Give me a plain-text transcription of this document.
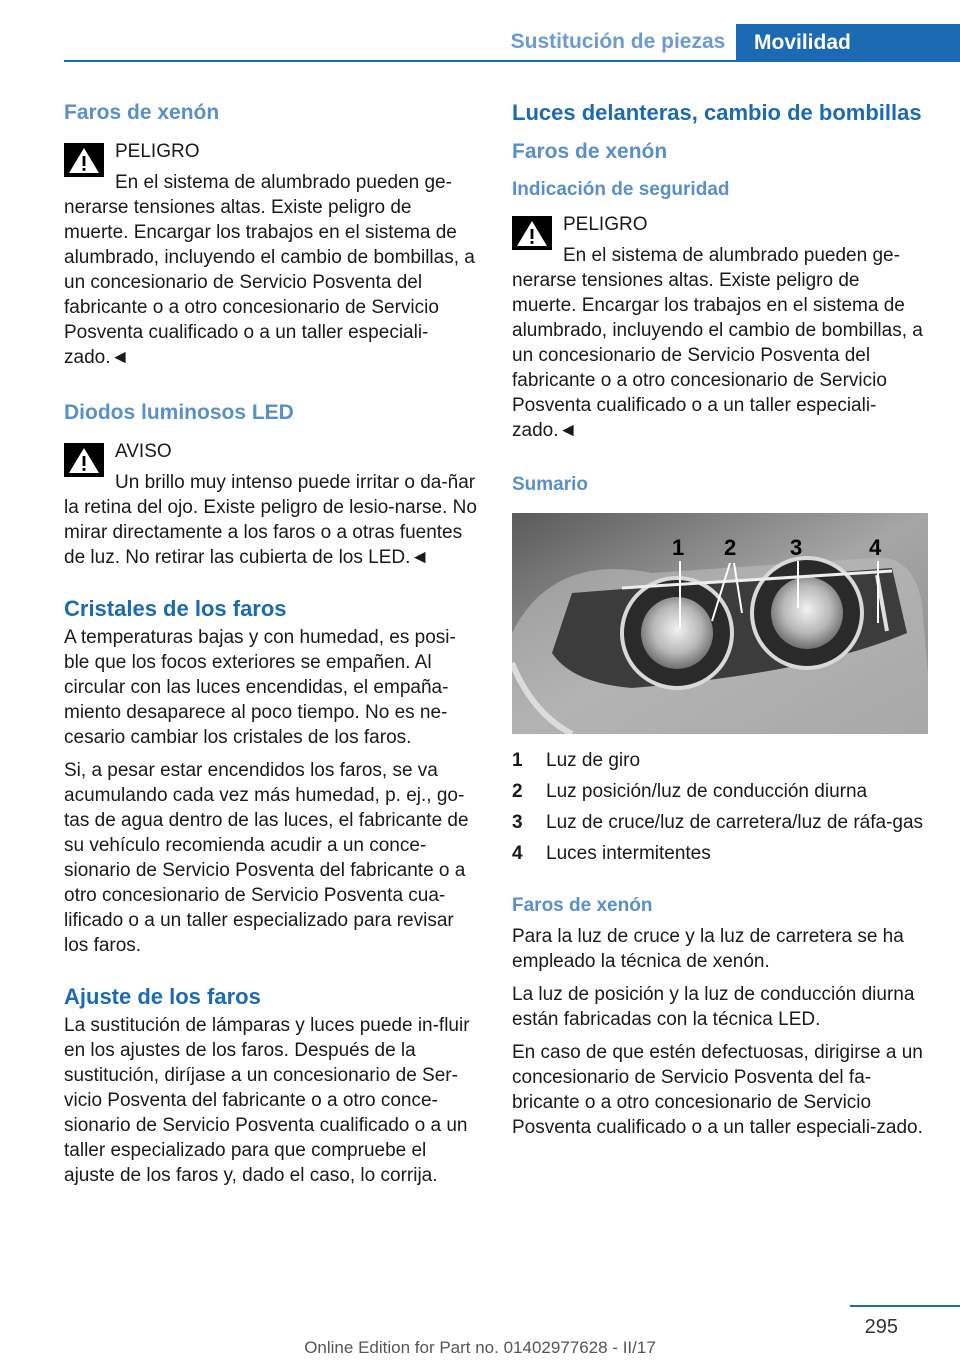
Sustitución de piezas	Movilidad
Faros de xenón
PELIGRO

En el sistema de alumbrado pueden ge-nerarse tensiones altas. Existe peligro de muerte. Encargar los trabajos en el sistema de alumbrado, incluyendo el cambio de bombillas, a un concesionario de Servicio Posventa del fabricante o a otro concesionario de Servicio Posventa cualificado o a un taller especiali-zado.◄

Diodos luminosos LED
AVISO

Un brillo muy intenso puede irritar o da-ñar la retina del ojo. Existe peligro de lesio-narse. No mirar directamente a los faros o a otras fuentes de luz. No retirar las cubierta de los LED.◄

Cristales de los faros

A temperaturas bajas y con humedad, es posi-ble que los focos exteriores se empañen. Al circular con las luces encendidas, el empaña-miento desaparece al poco tiempo. No es ne-cesario cambiar los cristales de los faros.

Si, a pesar estar encendidos los faros, se va acumulando cada vez más humedad, p. ej., go-tas de agua dentro de las luces, el fabricante de su vehículo recomienda acudir a un conce-sionario de Servicio Posventa del fabricante o a otro concesionario de Servicio Posventa cua-lificado o a un taller especializado para revisar los faros.

Ajuste de los faros

La sustitución de lámparas y luces puede in-fluir en los ajustes de los faros. Después de la sustitución, diríjase a un concesionario de Ser-vicio Posventa del fabricante o a otro conce-sionario de Servicio Posventa cualificado o a un taller especializado para que compruebe el ajuste de los faros y, dado el caso, lo corrija.

Luces delanteras, cambio de bombillas
Faros de xenón
Indicación de seguridad
PELIGRO

En el sistema de alumbrado pueden ge-nerarse tensiones altas. Existe peligro de muerte. Encargar los trabajos en el sistema de alumbrado, incluyendo el cambio de bombillas, a un concesionario de Servicio Posventa del fabricante o a otro concesionario de Servicio Posventa cualificado o a un taller especiali-zado.◄

Sumario
1 2 3	4
1	Luz de giro
2	Luz posición/luz de conducción diurna
3	Luz de cruce/luz de carretera/luz de ráfa-gas
4	Luces intermitentes
Faros de xenón

Para la luz de cruce y la luz de carretera se ha empleado la técnica de xenón.

La luz de posición y la luz de conducción diurna están fabricadas con la técnica LED.

En caso de que estén defectuosas, dirigirse a un concesionario de Servicio Posventa del fa-bricante o a otro concesionario de Servicio Posventa cualificado o a un taller especiali-zado.

295
Online Edition for Part no. 01402977628 - II/17
